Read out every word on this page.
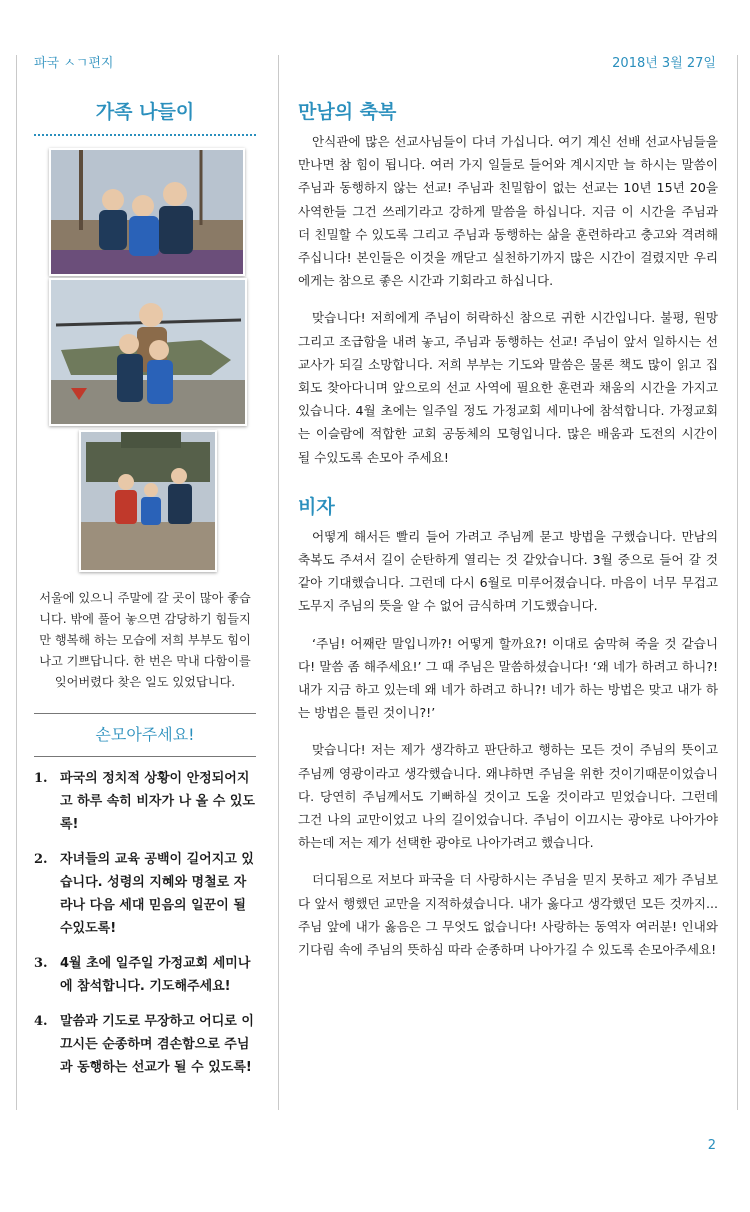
파국 ㅅㄱ편지	2018년 3월 27일
가족 나들이

서울에 있으니 주말에 갈 곳이 많아 좋습니다. 밖에 풀어 놓으면 감당하기 힘들지만 행복해 하는 모습에 저희 부부도 힘이 나고 기쁘답니다. 한 번은 막내 다함이를 잊어버렸다 찾은 일도 있었답니다.

손모아주세요!
1. 파국의 정치적 상황이 안정되어지고 하루 속히 비자가 나 올 수 있도록!
2. 자녀들의 교육 공백이 길어지고 있습니다. 성령의 지혜와 명철로 자라나 다음 세대 믿음의 일꾼이 될 수있도록!
3. 4월 초에 일주일 가정교회 세미나에 참석합니다. 기도해주세요!
4. 말씀과 기도로 무장하고 어디로 이끄시든 순종하며 겸손함으로 주님과 동행하는 선교가 될 수 있도록!
만남의 축복

안식관에 많은 선교사님들이 다녀 가십니다. 여기 계신 선배 선교사님들을 만나면 참 힘이 됩니다. 여러 가지 일들로 들어와 계시지만 늘 하시는 말씀이 주님과 동행하지 않는 선교! 주님과 친밀함이 없는 선교는 10년 15년 20을 사역한들 그건 쓰레기라고 강하게 말씀을 하십니다. 지금 이 시간을 주님과 더 친밀할 수 있도록 그리고 주님과 동행하는 삶을 훈련하라고 충고와 격려해 주십니다! 본인들은 이것을 깨닫고 실천하기까지 많은 시간이 걸렸지만 우리에게는 참으로 좋은 시간과 기회라고 하십니다.

맞습니다! 저희에게 주님이 허락하신 참으로 귀한 시간입니다. 불평, 원망 그리고 조급함을 내려 놓고, 주님과 동행하는 선교! 주님이 앞서 일하시는 선교사가 되길 소망합니다. 저희 부부는 기도와 말씀은 물론 책도 많이 읽고 집회도 찾아다니며 앞으로의 선교 사역에 필요한 훈련과 채움의 시간을 가지고 있습니다. 4월 초에는 일주일 정도 가정교회 세미나에 참석합니다. 가정교회는 이슬람에 적합한 교회 공동체의 모형입니다. 많은 배움과 도전의 시간이 될 수있도록 손모아 주세요!

비자

어떻게 해서든 빨리 들어 가려고 주님께 묻고 방법을 구했습니다. 만남의 축복도 주셔서 길이 순탄하게 열리는 것 같았습니다. 3월 중으로 들어 갈 것 같아 기대했습니다. 그런데 다시 6월로 미루어졌습니다. 마음이 너무 무겁고 도무지 주님의 뜻을 알 수 없어 금식하며 기도했습니다.

‘주님! 어째란 말입니까?! 어떻게 할까요?! 이대로 숨막혀 죽을 것 같습니다! 말씀 좀 해주세요!’ 그 때 주님은 말씀하셨습니다! ‘왜 네가 하려고 하니?! 내가 지금 하고 있는데 왜 네가 하려고 하니?! 네가 하는 방법은 맞고 내가 하는 방법은 틀린 것이니?!’

맞습니다! 저는 제가 생각하고 판단하고 행하는 모든 것이 주님의 뜻이고 주님께 영광이라고 생각했습니다. 왜냐하면 주님을 위한 것이기때문이었습니다. 당연히 주님께서도 기뻐하실 것이고 도울 것이라고 믿었습니다. 그런데 그건 나의 교만이었고 나의 길이었습니다. 주님이 이끄시는 광야로 나아가야 하는데 저는 제가 선택한 광야로 나아가려고 했습니다.

더디됨으로 저보다 파국을 더 사랑하시는 주님을 믿지 못하고 제가 주님보다 앞서 행했던 교만을 지적하셨습니다. 내가 옳다고 생각했던 모든 것까지... 주님 앞에 내가 옳음은 그 무엇도 없습니다! 사랑하는 동역자 여러분! 인내와 기다림 속에 주님의 뜻하심 따라 순종하며 나아가길 수 있도록 손모아주세요!

2
